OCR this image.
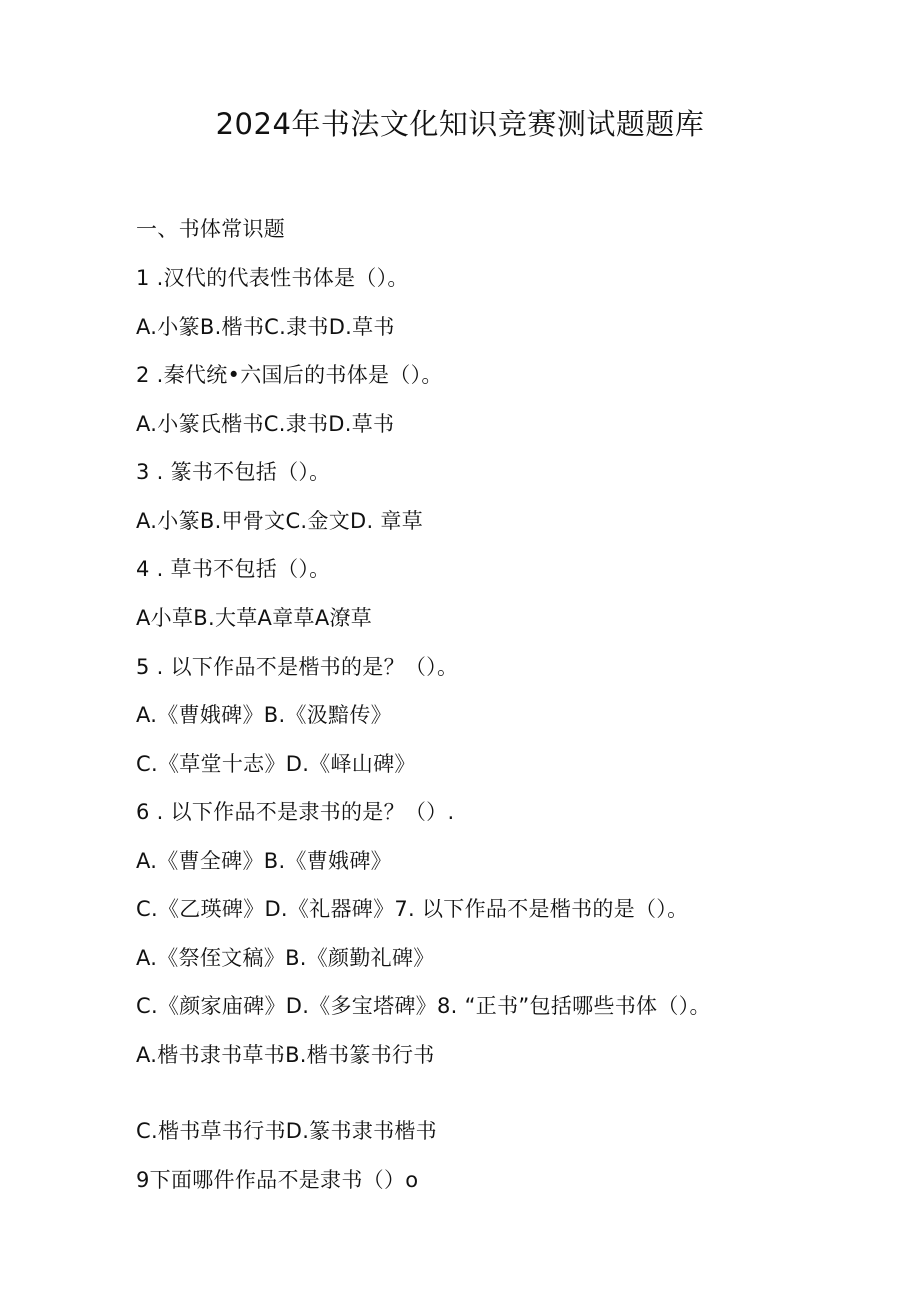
2024年书法文化知识竞赛测试题题库
一、书体常识题
1 .汉代的代表性书体是（）。
A.小篆B.楷书C.隶书D.草书
2 .秦代统•六国后的书体是（）。
A.小篆氏楷书C.隶书D.草书
3 . 篆书不包括（）。
A.小篆B.甲骨文C.金文D. 章草
4 . 草书不包括（）。
A小草B.大草A章草A潦草
5 . 以下作品不是楷书的是？（）。
A.《曹娥碑》B.《汲黯传》
C.《草堂十志》D.《峄山碑》
6 . 以下作品不是隶书的是？（）.
A.《曹全碑》B.《曹娥碑》
C.《乙瑛碑》D.《礼器碑》7. 以下作品不是楷书的是（）。
A.《祭侄文稿》B.《颜勤礼碑》
C.《颜家庙碑》D.《多宝塔碑》8. “正书”包括哪些书体（）。
A.楷书隶书草书B.楷书篆书行书
C.楷书草书行书D.篆书隶书楷书
9下面哪件作品不是隶书（）o
